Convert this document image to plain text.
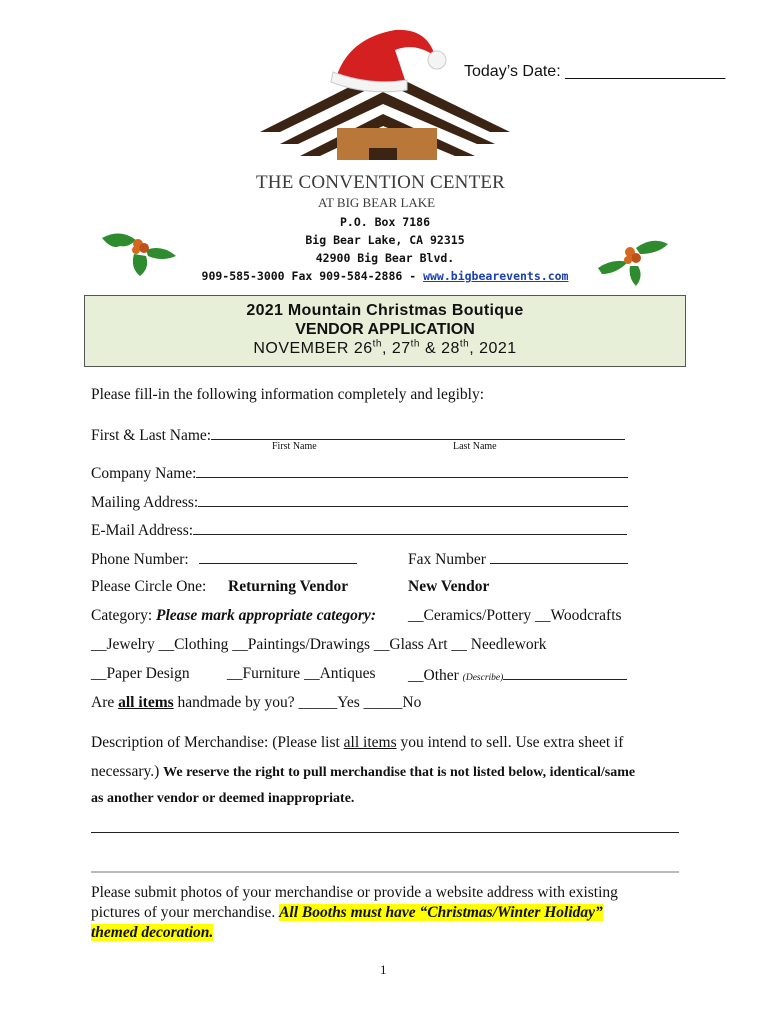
Today’s Date: __________________
THE CONVENTION CENTER
AT BIG BEAR LAKE
P.O. Box 7186
Big Bear Lake, CA 92315
42900 Big Bear Blvd.
909-585-3000 Fax 909-584-2886 - www.bigbearevents.com
2021 Mountain Christmas Boutique
VENDOR APPLICATION
NOVEMBER 26th, 27th & 28th, 2021
Please fill-in the following information completely and legibly:
First & Last Name:
First Name	Last Name
Company Name:
Mailing Address:
E-Mail Address:
Phone Number:	Fax Number
Please Circle One: Returning Vendor	New Vendor
Category: Please mark appropriate category: __Ceramics/Pottery __Woodcrafts
__Jewelry __Clothing __Paintings/Drawings __Glass Art __ Needlework
__Paper Design __Furniture __Antiques __Other (Describe)
Are all items handmade by you? _____Yes _____No
Description of Merchandise: (Please list all items you intend to sell. Use extra sheet if
necessary.) We reserve the right to pull merchandise that is not listed below, identical/same
as another vendor or deemed inappropriate.
Please submit photos of your merchandise or provide a website address with existing
pictures of your merchandise. All Booths must have “Christmas/Winter Holiday”
themed decoration.
1
